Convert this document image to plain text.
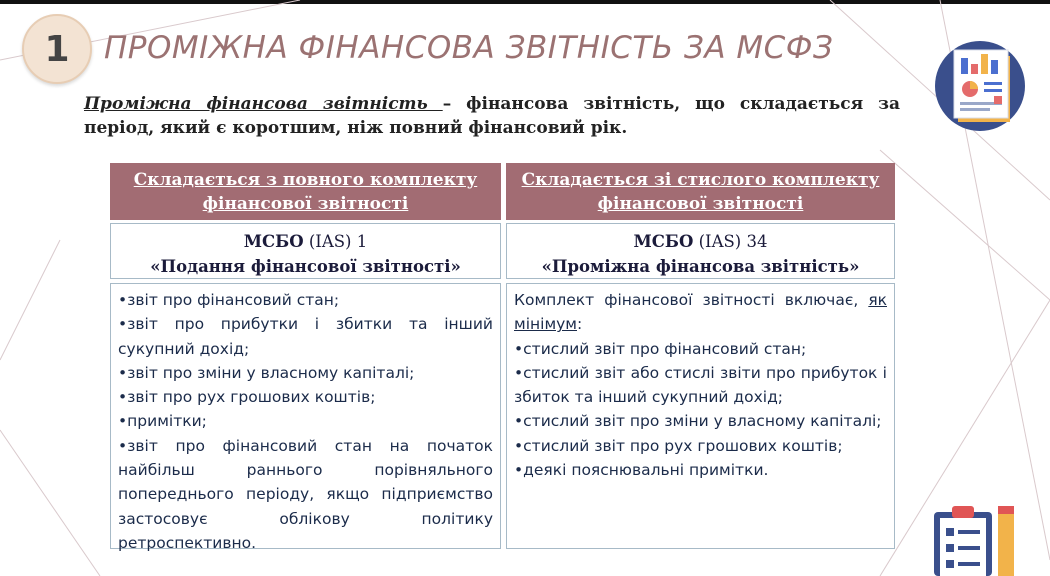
1 ПРОМІЖНА ФІНАНСОВА ЗВІТНІСТЬ ЗА МСФЗ
Проміжна фінансова звітність – фінансова звітність, що складається за період, який є коротшим, ніж повний фінансовий рік.
Складається з повного комплекту фінансової звітності
МСБО (IAS) 1
«Подання фінансової звітності»
•звіт про фінансовий стан;
•звіт про прибутки і збитки та інший сукупний дохід;
•звіт про зміни у власному капіталі;
•звіт про рух грошових коштів;
•примітки;
•звіт про фінансовий стан на початок найбільш раннього порівняльного попереднього періоду, якщо підприємство застосовує облікову політику ретроспективно.
Складається зі стислого комплекту фінансової звітності
МСБО (IAS) 34
«Проміжна фінансова звітність»
Комплект фінансової звітності включає, як мінімум:
•стислий звіт про фінансовий стан;
•стислий звіт або стислі звіти про прибуток і збиток та інший сукупний дохід;
•стислий звіт про зміни у власному капіталі;
•стислий звіт про рух грошових коштів;
•деякі пояснювальні примітки.
